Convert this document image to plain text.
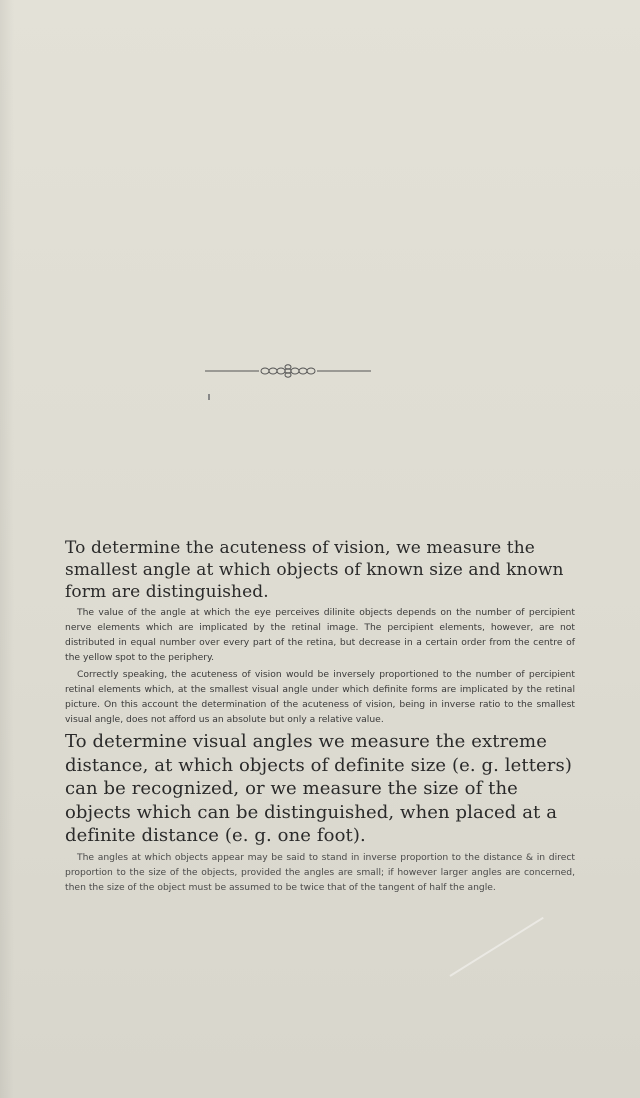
To determine the acuteness of vision, we measure the smallest angle at which objects of known size and known form are distinguished.

The value of the angle at which the eye perceives dilinite objects depends on the number of percipient nerve elements which are implicated by the retinal image. The percipient elements, however, are not distributed in equal number over every part of the retina, but decrease in a certain order from the centre of the yellow spot to the periphery.

Correctly speaking, the acuteness of vision would be inversely proportioned to the number of percipient retinal elements which, at the smallest visual angle under which definite forms are implicated by the retinal picture. On this account the determination of the acuteness of vision, being in inverse ratio to the smallest visual angle, does not afford us an absolute but only a relative value.

To determine visual angles we measure the extreme distance, at which objects of definite size (e. g. letters) can be recognized, or we measure the size of the objects which can be distinguished, when placed at a definite distance (e. g. one foot).

The angles at which objects appear may be said to stand in inverse proportion to the distance & in direct proportion to the size of the objects, provided the angles are small; if however larger angles are concerned, then the size of the object must be assumed to be twice that of the tangent of half the angle.
